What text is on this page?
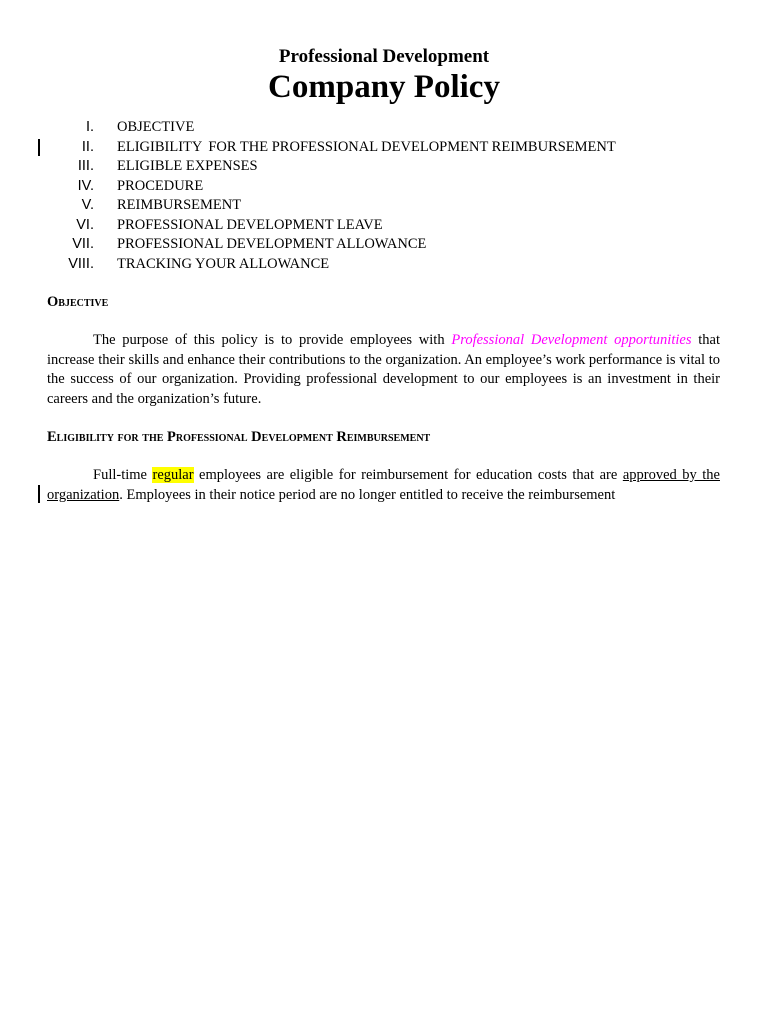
Professional Development
Company Policy
I. OBJECTIVE
II. ELIGIBILITY FOR THE PROFESSIONAL DEVELOPMENT REIMBURSEMENT
III. ELIGIBLE EXPENSES
IV. PROCEDURE
V. REIMBURSEMENT
VI. PROFESSIONAL DEVELOPMENT LEAVE
VII. PROFESSIONAL DEVELOPMENT ALLOWANCE
VIII. TRACKING YOUR ALLOWANCE
Objective
The purpose of this policy is to provide employees with Professional Development opportunities that increase their skills and enhance their contributions to the organization. An employee’s work performance is vital to the success of our organization. Providing professional development to our employees is an investment in their careers and the organization’s future.
Eligibility for the Professional Development Reimbursement
Full-time regular employees are eligible for reimbursement for education costs that are approved by the organization. Employees in their notice period are no longer entitled to receive the reimbursement
